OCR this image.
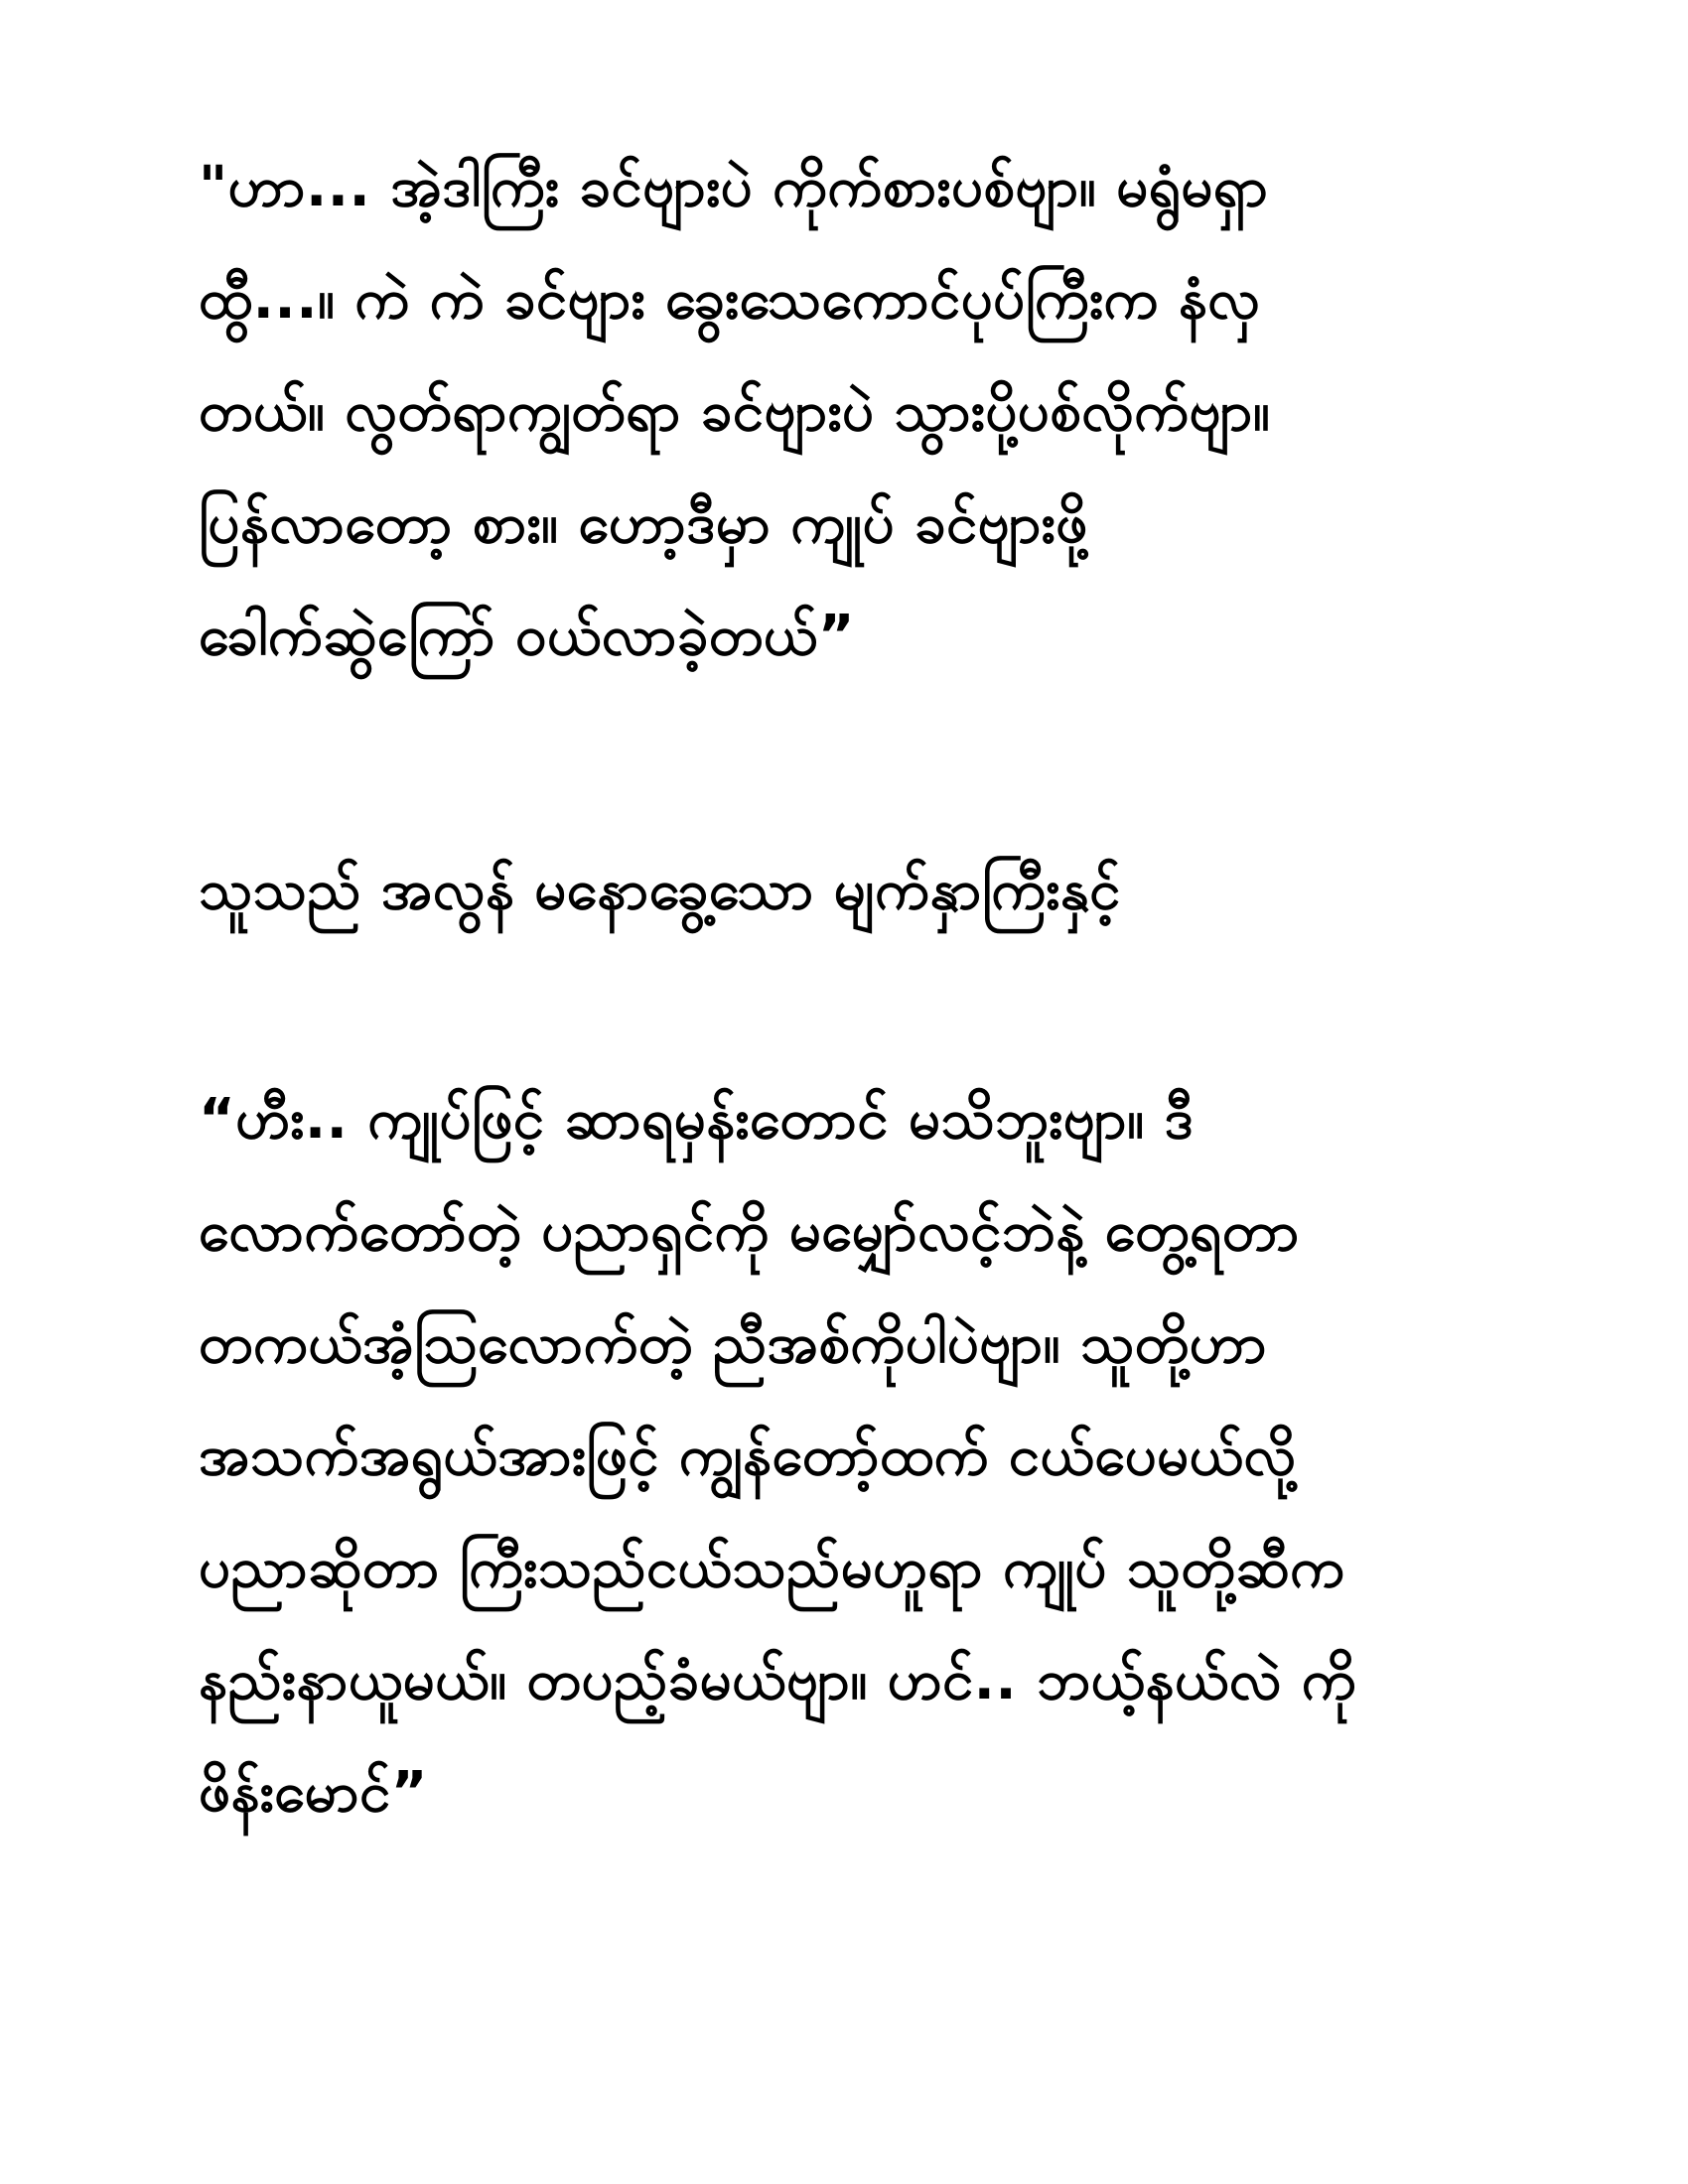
"ဟာ... အဲ့ဒါကြီး ခင်ဗျားပဲ ကိုက်စားပစ်ဗျာ။ မရွံမရှာ
ထွီ...။ ကဲ ကဲ ခင်ဗျား ခွေးသေကောင်ပုပ်ကြီးက နံလှ
တယ်။ လွတ်ရာကျွတ်ရာ ခင်ဗျားပဲ သွားပို့ပစ်လိုက်ဗျာ။
ပြန်လာတော့ စား။ ဟော့ဒီမှာ ကျုပ် ခင်ဗျားဖို့
ခေါက်ဆွဲကြော် ဝယ်လာခဲ့တယ်”
သူသည် အလွန် မနောခွေ့သော မျက်နှာကြီးနှင့်
“ဟီး.. ကျုပ်ဖြင့် ဆာရမှန်းတောင် မသိဘူးဗျာ။ ဒီ
လောက်တော်တဲ့ ပညာရှင်ကို မမျှော်လင့်ဘဲနဲ့ တွေ့ရတာ
တကယ်အံ့သြလောက်တဲ့ ညီအစ်ကိုပါပဲဗျာ။ သူတို့ဟာ
အသက်အရွယ်အားဖြင့် ကျွန်တော့်ထက် ငယ်ပေမယ်လို့
ပညာဆိုတာ ကြီးသည်ငယ်သည်မဟူရာ ကျုပ် သူတို့ဆီက
နည်းနာယူမယ်။ တပည့်ခံမယ်ဗျာ။ ဟင်.. ဘယ့်နယ်လဲ ကို
ဖိန်းမောင်”
